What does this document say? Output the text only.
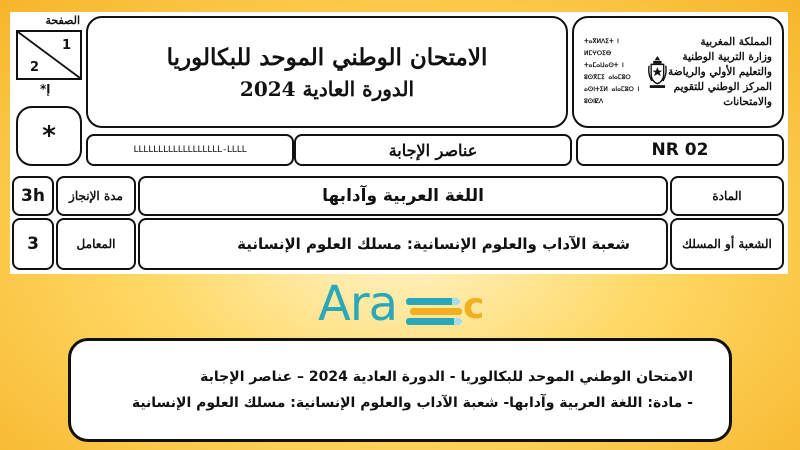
الصفحة
1
2
*إ
*
الامتحان الوطني الموحد للبكالوريا
الدورة العادية 2024
ⵜⴰⴳⵍⴷⵉⵜ ⵏ ⵍⵎⵖⵔⵉⴱ
ⵜⴰⵎⴰⵡⴰⵙⵜ ⵏ ⵓⵙⴳⵎⵉ ⴰⵏⴰⵎⵓⵔ
ⴰⵙⵏⵜⵉⵍ ⴰⵏⴰⵎⵓⵔ ⵏ ⵓⵙⵏⵇⴷ
المملكة المغربية
وزارة التربية الوطنية
والتعليم الأولي والرياضة
المركز الوطني للتقويم والامتحانات
LLLLLLLLLLLLLLLLLL-LLLL	عناصر الإجابة	NR 02
3h مدة الإنجاز	اللغة العربية وآدابها	المادة
3	المعامل	شعبة الآداب والعلوم الإنسانية: مسلك العلوم الإنسانية	الشعبة أو المسلك
Ara c
الامتحان الوطني الموحد للبكالوريا - الدورة العادية 2024 – عناصر الإجابة
- مادة: اللغة العربية وآدابها- شعبة الآداب والعلوم الإنسانية: مسلك العلوم الإنسانية
